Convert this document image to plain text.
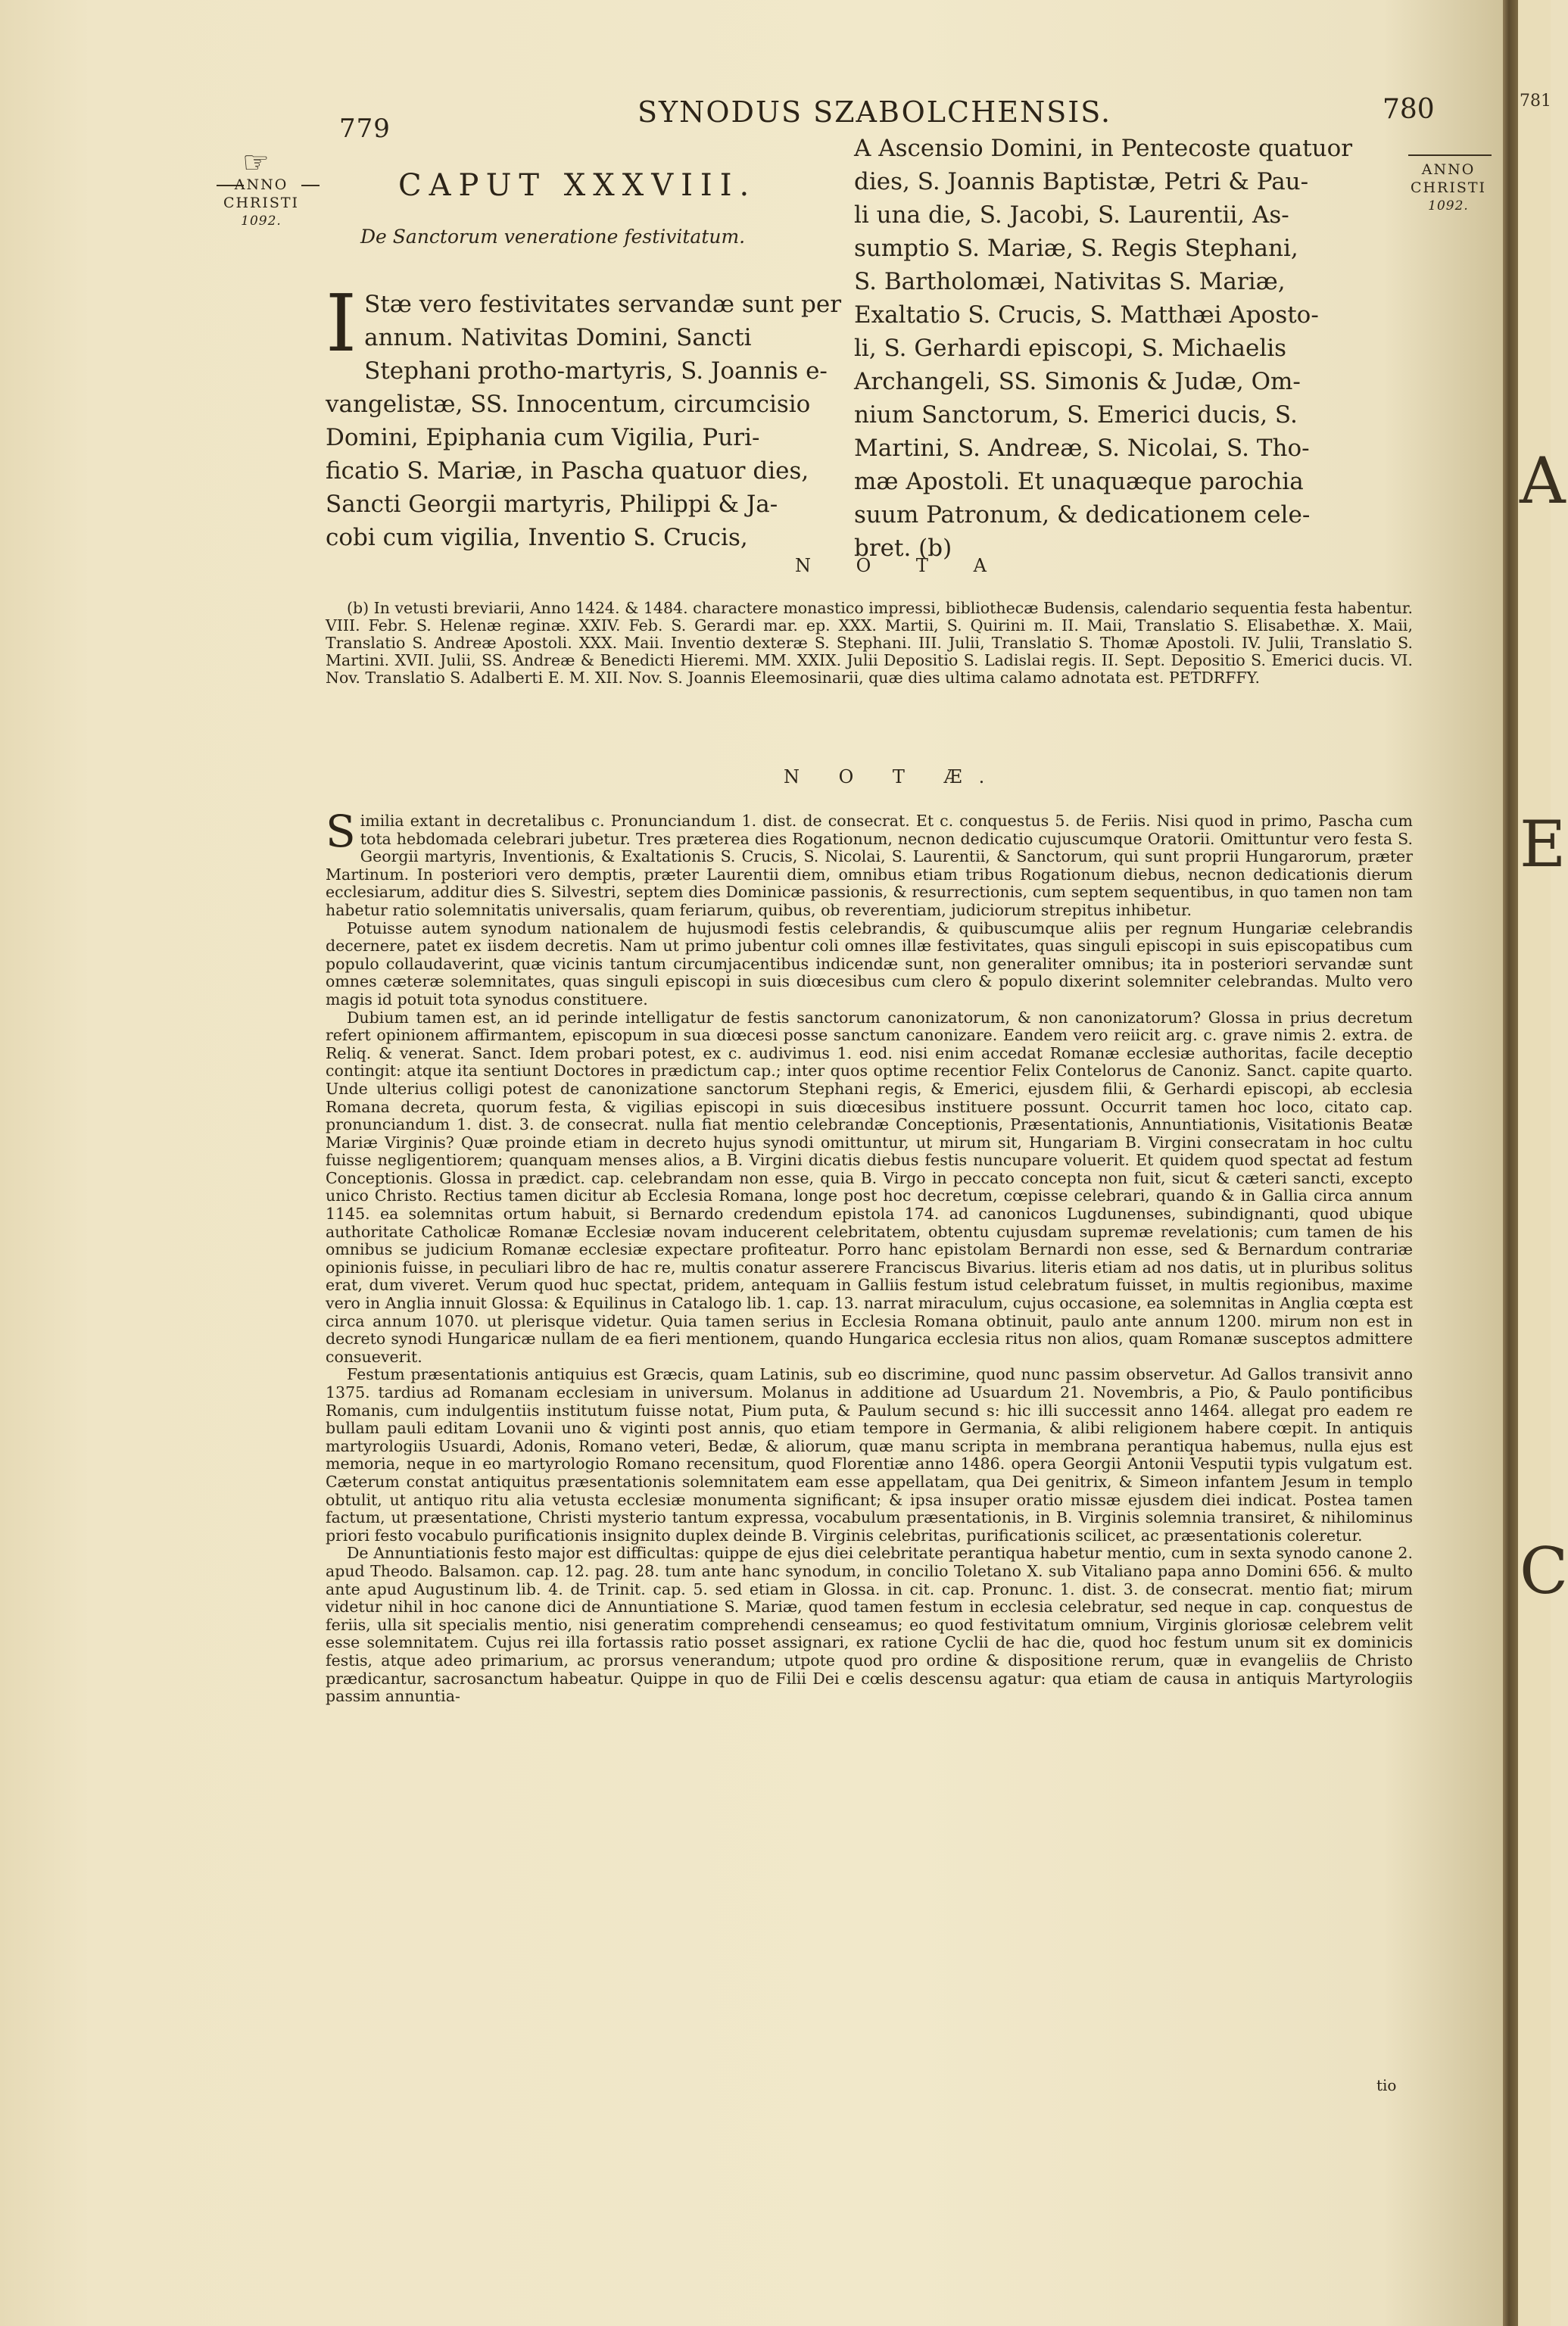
779	SYNODUS SZABOLCHENSIS.	780
☞
ANNO
CHRISTI
1092.
ANNO
CHRISTI
1092.
CAPUT XXXVIII.
De Sanctorum veneratione festivitatum.
I Stæ vero festivitates servandæ sunt per
annum. Nativitas Domini, Sancti
Stephani protho-martyris, S. Joannis e-
vangelistæ, SS. Innocentum, circumcisio
Domini, Epiphania cum Vigilia, Puri-
ficatio S. Mariæ, in Pascha quatuor dies,
Sancti Georgii martyris, Philippi & Ja-
cobi cum vigilia, Inventio S. Crucis,
A Ascensio Domini, in Pentecoste quatuor
dies, S. Joannis Baptistæ, Petri & Pau-
li una die, S. Jacobi, S. Laurentii, As-
sumptio S. Mariæ, S. Regis Stephani,
S. Bartholomæi, Nativitas S. Mariæ,
Exaltatio S. Crucis, S. Matthæi Aposto-
li, S. Gerhardi episcopi, S. Michaelis
Archangeli, SS. Simonis & Judæ, Om-
nium Sanctorum, S. Emerici ducis, S.
Martini, S. Andreæ, S. Nicolai, S. Tho-
mæ Apostoli. Et unaquæque parochia
suum Patronum, & dedicationem cele-
bret. (b)
N O T A

(b) In vetusti breviarii, Anno 1424. & 1484. charactere monastico impressi, bibliothecæ Budensis, calendario sequentia festa habentur. VIII. Febr. S. Helenæ reginæ. XXIV. Feb. S. Gerardi mar. ep. XXX. Martii, S. Quirini m. II. Maii, Translatio S. Elisabethæ. X. Maii, Translatio S. Andreæ Apostoli. XXX. Maii. Inventio dexteræ S. Stephani. III. Julii, Translatio S. Thomæ Apostoli. IV. Julii, Translatio S. Martini. XVII. Julii, SS. Andreæ & Benedicti Hieremi. MM. XXIX. Julii Depositio S. Ladislai regis. II. Sept. Depositio S. Emerici ducis. VI. Nov. Translatio S. Adalberti E. M. XII. Nov. S. Joannis Eleemosinarii, quæ dies ultima calamo adnotata est. PETDRFFY.

N O T Æ.

Similia extant in decretalibus c. Pronunciandum 1. dist. de consecrat. Et c. conquestus 5. de Feriis. Nisi quod in primo, Pascha cum tota hebdomada celebrari jubetur. Tres præterea dies Rogationum, necnon dedicatio cujuscumque Oratorii. Omittuntur vero festa S. Georgii martyris, Inventionis, & Exaltationis S. Crucis, S. Nicolai, S. Laurentii, & Sanctorum, qui sunt proprii Hungarorum, præter Martinum. In posteriori vero demptis, præter Laurentii diem, omnibus etiam tribus Rogationum diebus, necnon dedicationis dierum ecclesiarum, additur dies S. Silvestri, septem dies Dominicæ passionis, & resurrectionis, cum septem sequentibus, in quo tamen non tam habetur ratio solemnitatis universalis, quam feriarum, quibus, ob reverentiam, judiciorum strepitus inhibetur.

Potuisse autem synodum nationalem de hujusmodi festis celebrandis, & quibuscumque aliis per regnum Hungariæ celebrandis decernere, patet ex iisdem decretis. Nam ut primo jubentur coli omnes illæ festivitates, quas singuli episcopi in suis episcopatibus cum populo collaudaverint, quæ vicinis tantum circumjacentibus indicendæ sunt, non generaliter omnibus; ita in posteriori servandæ sunt omnes cæteræ solemnitates, quas singuli episcopi in suis diœcesibus cum clero & populo dixerint solemniter celebrandas. Multo vero magis id potuit tota synodus constituere.

Dubium tamen est, an id perinde intelligatur de festis sanctorum canonizatorum, & non canonizatorum? Glossa in prius decretum refert opinionem affirmantem, episcopum in sua diœcesi posse sanctum canonizare. Eandem vero reiicit arg. c. grave nimis 2. extra. de Reliq. & venerat. Sanct. Idem probari potest, ex c. audivimus 1. eod. nisi enim accedat Romanæ ecclesiæ authoritas, facile deceptio contingit: atque ita sentiunt Doctores in prædictum cap.; inter quos optime recentior Felix Contelorus de Canoniz. Sanct. capite quarto. Unde ulterius colligi potest de canonizatione sanctorum Stephani regis, & Emerici, ejusdem filii, & Gerhardi episcopi, ab ecclesia Romana decreta, quorum festa, & vigilias episcopi in suis diœcesibus instituere possunt. Occurrit tamen hoc loco, citato cap. pronunciandum 1. dist. 3. de consecrat. nulla fiat mentio celebrandæ Conceptionis, Præsentationis, Annuntiationis, Visitationis Beatæ Mariæ Virginis? Quæ proinde etiam in decreto hujus synodi omittuntur, ut mirum sit, Hungariam B. Virgini consecratam in hoc cultu fuisse negligentiorem; quanquam menses alios, a B. Virgini dicatis diebus festis nuncupare voluerit. Et quidem quod spectat ad festum Conceptionis. Glossa in prædict. cap. celebrandam non esse, quia B. Virgo in peccato concepta non fuit, sicut & cæteri sancti, excepto unico Christo. Rectius tamen dicitur ab Ecclesia Romana, longe post hoc decretum, cœpisse celebrari, quando & in Gallia circa annum 1145. ea solemnitas ortum habuit, si Bernardo credendum epistola 174. ad canonicos Lugdunenses, subindignanti, quod ubique authoritate Catholicæ Romanæ Ecclesiæ novam inducerent celebritatem, obtentu cujusdam supremæ revelationis; cum tamen de his omnibus se judicium Romanæ ecclesiæ expectare profiteatur. Porro hanc epistolam Bernardi non esse, sed & Bernardum contrariæ opinionis fuisse, in peculiari libro de hac re, multis conatur asserere Franciscus Bivarius. literis etiam ad nos datis, ut in pluribus solitus erat, dum viveret. Verum quod huc spectat, pridem, antequam in Galliis festum istud celebratum fuisset, in multis regionibus, maxime vero in Anglia innuit Glossa: & Equilinus in Catalogo lib. 1. cap. 13. narrat miraculum, cujus occasione, ea solemnitas in Anglia cœpta est circa annum 1070. ut plerisque videtur. Quia tamen serius in Ecclesia Romana obtinuit, paulo ante annum 1200. mirum non est in decreto synodi Hungaricæ nullam de ea fieri mentionem, quando Hungarica ecclesia ritus non alios, quam Romanæ susceptos admittere consueverit.

Festum præsentationis antiquius est Græcis, quam Latinis, sub eo discrimine, quod nunc passim observetur. Ad Gallos transivit anno 1375. tardius ad Romanam ecclesiam in universum. Molanus in additione ad Usuardum 21. Novembris, a Pio, & Paulo pontificibus Romanis, cum indulgentiis institutum fuisse notat, Pium puta, & Paulum secund s: hic illi successit anno 1464. allegat pro eadem re bullam pauli editam Lovanii uno & viginti post annis, quo etiam tempore in Germania, & alibi religionem habere cœpit. In antiquis martyrologiis Usuardi, Adonis, Romano veteri, Bedæ, & aliorum, quæ manu scripta in membrana perantiqua habemus, nulla ejus est memoria, neque in eo martyrologio Romano recensitum, quod Florentiæ anno 1486. opera Georgii Antonii Vesputii typis vulgatum est. Cæterum constat antiquitus præsentationis solemnitatem eam esse appellatam, qua Dei genitrix, & Simeon infantem Jesum in templo obtulit, ut antiquo ritu alia vetusta ecclesiæ monumenta significant; & ipsa insuper oratio missæ ejusdem diei indicat. Postea tamen factum, ut præsentatione, Christi mysterio tantum expressa, vocabulum præsentationis, in B. Virginis solemnia transiret, & nihilominus priori festo vocabulo purificationis insignito duplex deinde B. Virginis celebritas, purificationis scilicet, ac præsentationis coleretur.

De Annuntiationis festo major est difficultas: quippe de ejus diei celebritate perantiqua habetur mentio, cum in sexta synodo canone 2. apud Theodo. Balsamon. cap. 12. pag. 28. tum ante hanc synodum, in concilio Toletano X. sub Vitaliano papa anno Domini 656. & multo ante apud Augustinum lib. 4. de Trinit. cap. 5. sed etiam in Glossa. in cit. cap. Pronunc. 1. dist. 3. de consecrat. mentio fiat; mirum videtur nihil in hoc canone dici de Annuntiatione S. Mariæ, quod tamen festum in ecclesia celebratur, sed neque in cap. conquestus de feriis, ulla sit specialis mentio, nisi generatim comprehendi censeamus; eo quod festivitatum omnium, Virginis gloriosæ celebrem velit esse solemnitatem. Cujus rei illa fortassis ratio posset assignari, ex ratione Cyclii de hac die, quod hoc festum unum sit ex dominicis festis, atque adeo primarium, ac prorsus venerandum; utpote quod pro ordine & dispositione rerum, quæ in evangeliis de Christo prædicantur, sacrosanctum habeatur. Quippe in quo de Filii Dei e cœlis descensu agatur: qua etiam de causa in antiquis Martyrologiis passim annuntia-

tio
781
A
E
C
